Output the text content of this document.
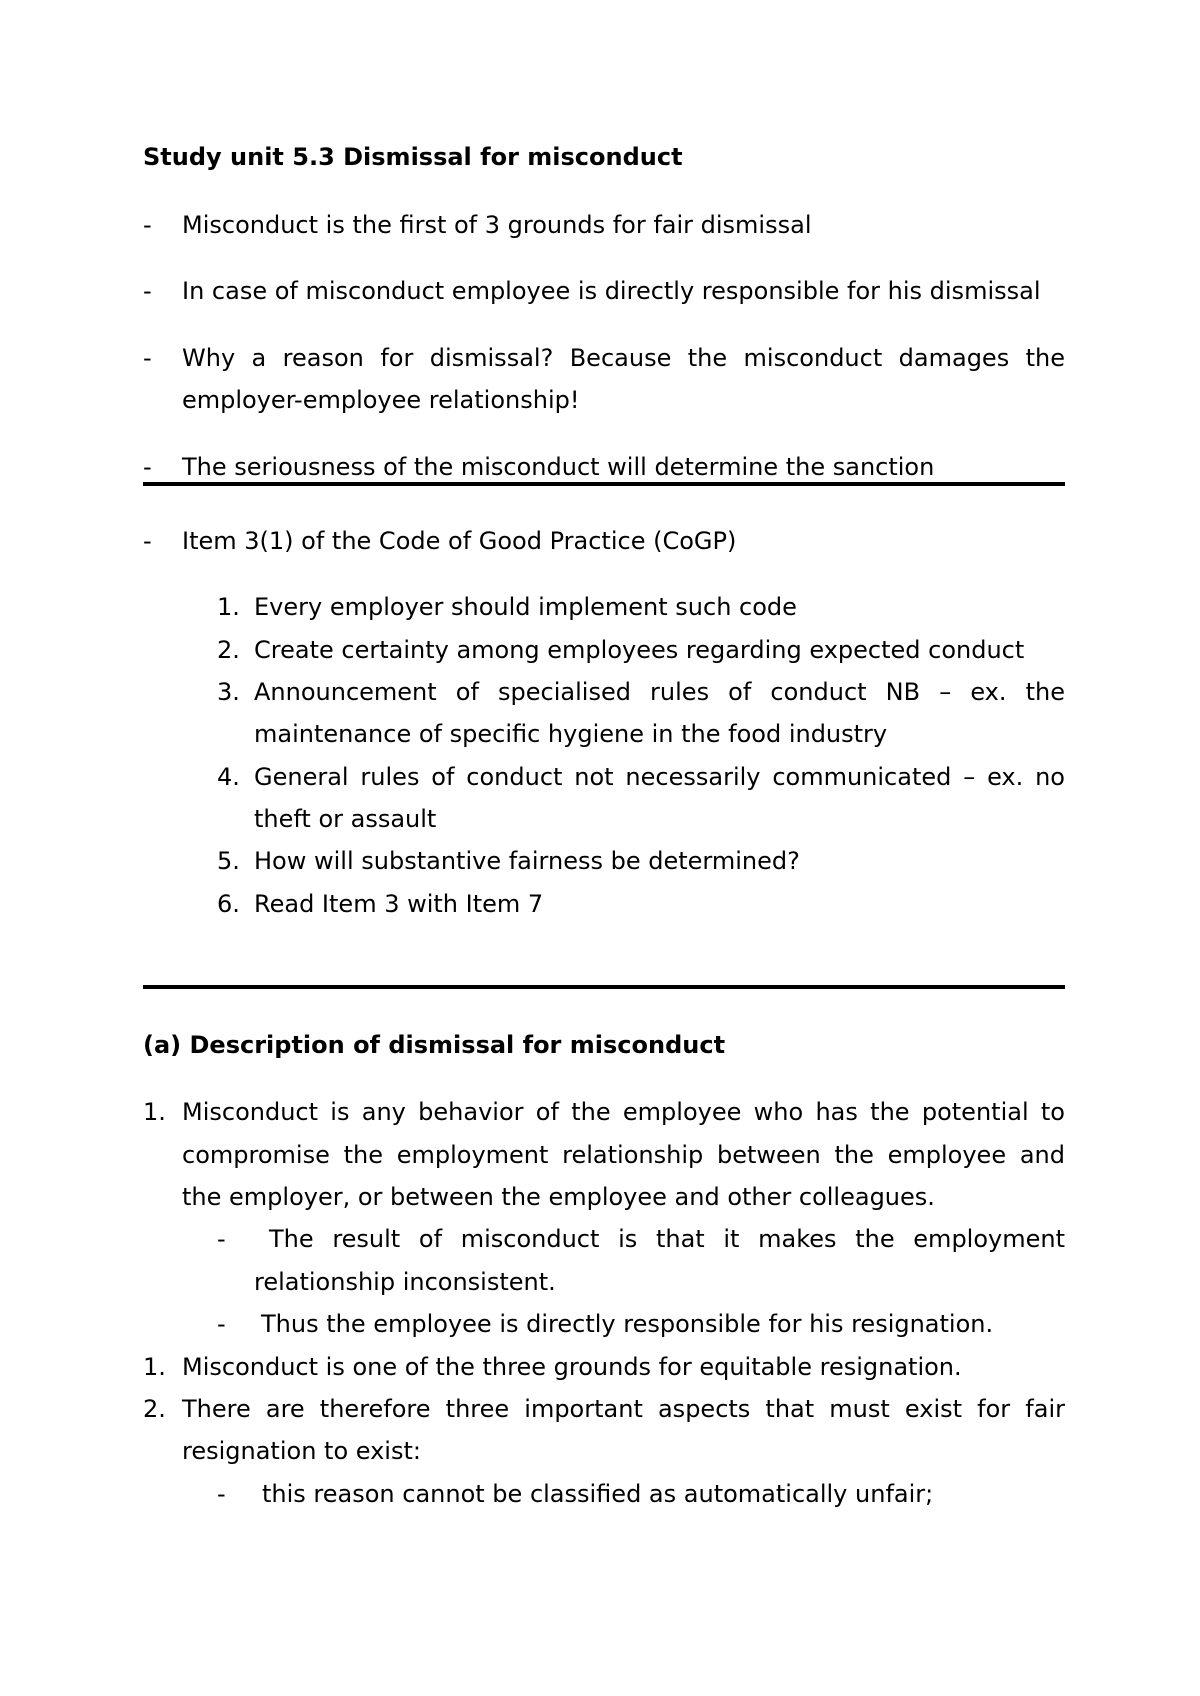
Study unit 5.3 Dismissal for misconduct
- Misconduct is the first of 3 grounds for fair dismissal
- In case of misconduct employee is directly responsible for his dismissal
- Why a reason for dismissal? Because the misconduct damages the
employer-employee relationship!
- The seriousness of the misconduct will determine the sanction
- Item 3(1) of the Code of Good Practice (CoGP)
1. Every employer should implement such code
2. Create certainty among employees regarding expected conduct
3. Announcement of specialised rules of conduct NB – ex. the
maintenance of specific hygiene in the food industry
4. General rules of conduct not necessarily communicated – ex. no
theft or assault
5. How will substantive fairness be determined?
6. Read Item 3 with Item 7
(a) Description of dismissal for misconduct
1. Misconduct is any behavior of the employee who has the potential to
compromise the employment relationship between the employee and
the employer, or between the employee and other colleagues.
- The result of misconduct is that it makes the employment
relationship inconsistent.
- Thus the employee is directly responsible for his resignation.
1. Misconduct is one of the three grounds for equitable resignation.
2. There are therefore three important aspects that must exist for fair
resignation to exist:
- this reason cannot be classified as automatically unfair;
